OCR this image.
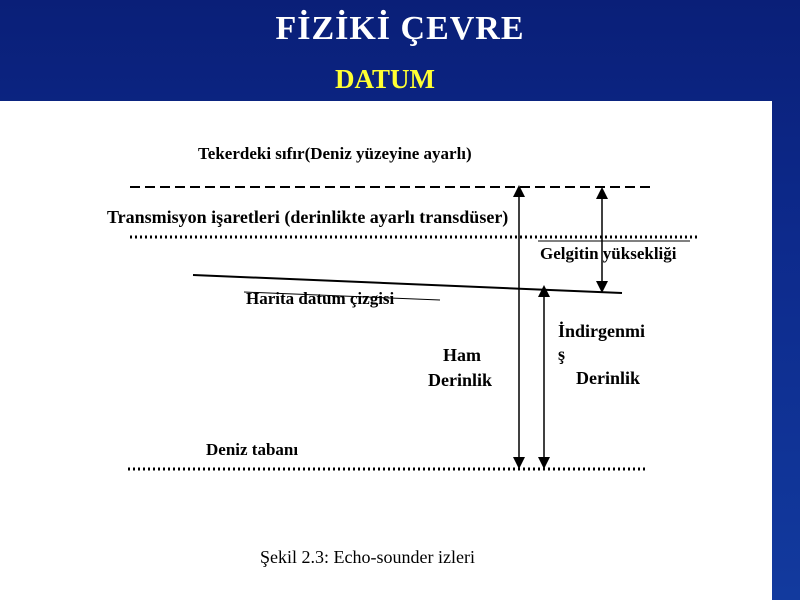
FİZİKİ ÇEVRE
DATUM
Tekerdeki sıfır(Deniz yüzeyine ayarlı)
Transmisyon işaretleri (derinlikte ayarlı transdüser)
Gelgitin yüksekliği
Harita datum çizgisi
İndirgenmi
ş
Derinlik
Ham
Derinlik
Deniz tabanı
Şekil 2.3: Echo-sounder izleri
